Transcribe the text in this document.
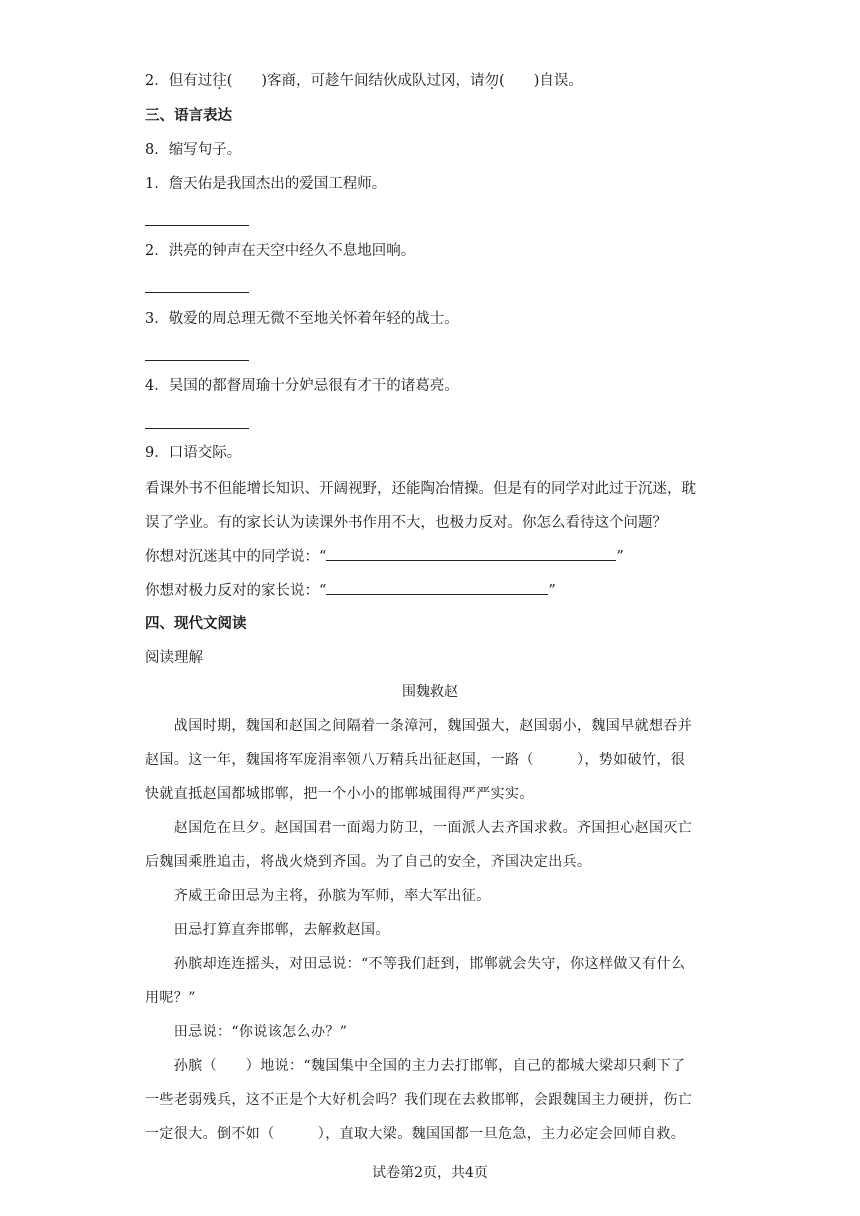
2．但有过往(　　)客商，可趁午间结伙成队过冈，请勿(　　)自误。
三、语言表达
8．缩写句子。
1．詹天佑是我国杰出的爱国工程师。
2．洪亮的钟声在天空中经久不息地回响。
3．敬爱的周总理无微不至地关怀着年轻的战士。
4．吴国的都督周瑜十分妒忌很有才干的诸葛亮。
9．口语交际。
看课外书不但能增长知识、开阔视野，还能陶冶情操。但是有的同学对此过于沉迷，耽
误了学业。有的家长认为读课外书作用不大，也极力反对。你怎么看待这个问题？
你想对沉迷其中的同学说：“	”
你想对极力反对的家长说：“	”
四、现代文阅读
阅读理解
围魏救赵
　　战国时期，魏国和赵国之间隔着一条漳河，魏国强大，赵国弱小，魏国早就想吞并
赵国。这一年，魏国将军庞涓率领八万精兵出征赵国，一路（　　　），势如破竹，很
快就直抵赵国都城邯郸，把一个小小的邯郸城围得严严实实。
　　赵国危在旦夕。赵国国君一面竭力防卫，一面派人去齐国求救。齐国担心赵国灭亡
后魏国乘胜追击，将战火烧到齐国。为了自己的安全，齐国决定出兵。
　　齐威王命田忌为主将，孙膑为军师，率大军出征。
　　田忌打算直奔邯郸，去解救赵国。
　　孙膑却连连摇头，对田忌说：“不等我们赶到，邯郸就会失守，你这样做又有什么
用呢？”
　　田忌说：“你说该怎么办？”
　　孙膑（　　）地说：“魏国集中全国的主力去打邯郸，自己的都城大梁却只剩下了
一些老弱残兵，这不正是个大好机会吗？我们现在去救邯郸，会跟魏国主力硬拼，伤亡
一定很大。倒不如（　　　），直取大梁。魏国国都一旦危急，主力必定会回师自救。
试卷第2页，共4页
